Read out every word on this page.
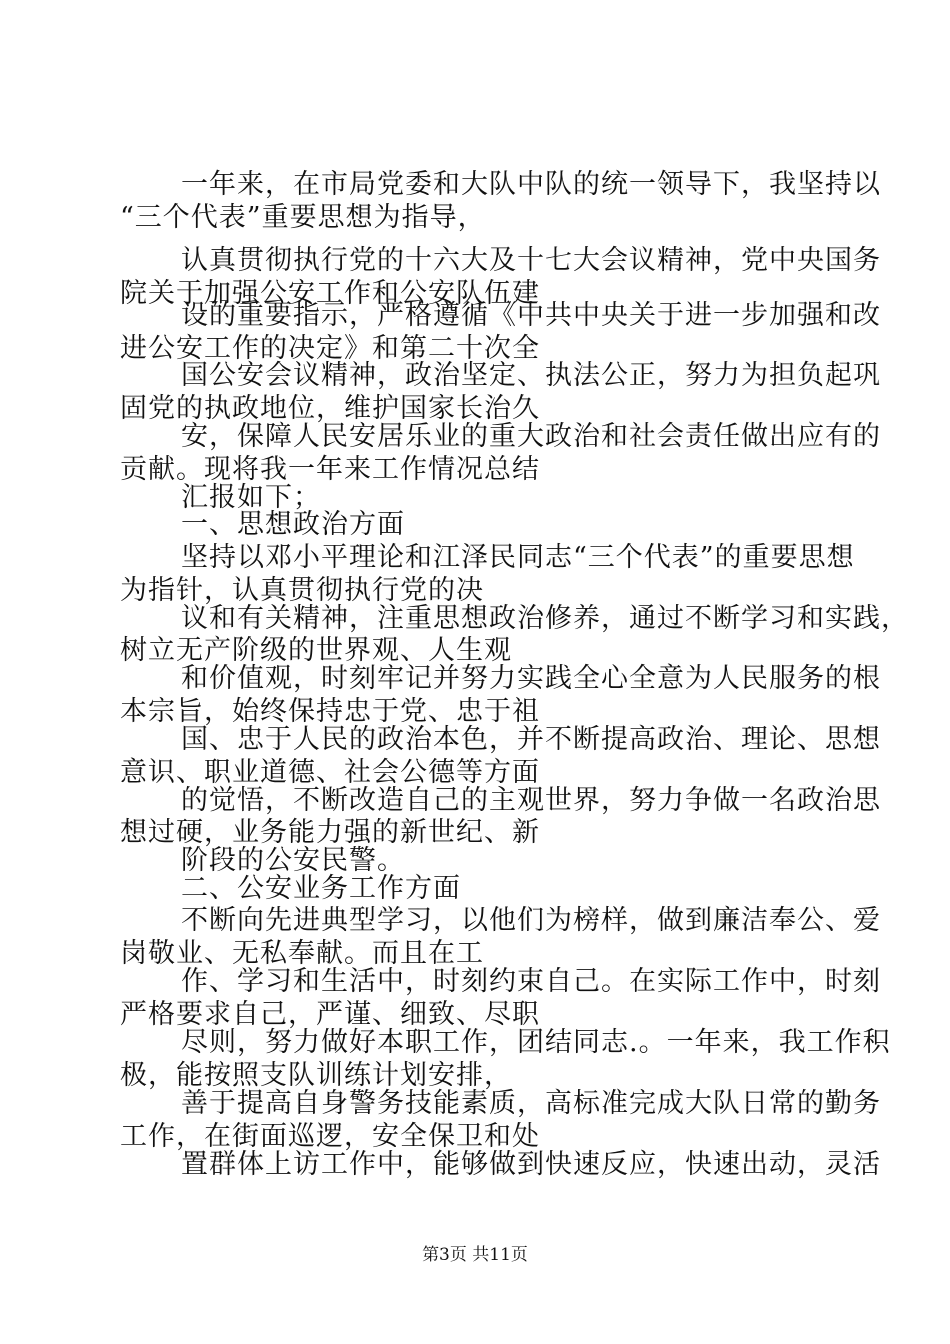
一年来，在市局党委和大队中队的统一领导下，我坚持以
“三个代表”重要思想为指导，
认真贯彻执行党的十六大及十七大会议精神，党中央国务
院关于加强公安工作和公安队伍建
设的重要指示，严格遵循《中共中央关于进一步加强和改
进公安工作的决定》和第二十次全
国公安会议精神，政治坚定、执法公正，努力为担负起巩
固党的执政地位，维护国家长治久
安，保障人民安居乐业的重大政治和社会责任做出应有的
贡献。现将我一年来工作情况总结
汇报如下；
一、思想政治方面
坚持以邓小平理论和江泽民同志“三个代表”的重要思想
为指针，认真贯彻执行党的决
议和有关精神，注重思想政治修养，通过不断学习和实践，
树立无产阶级的世界观、人生观
和价值观，时刻牢记并努力实践全心全意为人民服务的根
本宗旨，始终保持忠于党、忠于祖
国、忠于人民的政治本色，并不断提高政治、理论、思想
意识、职业道德、社会公德等方面
的觉悟，不断改造自己的主观世界，努力争做一名政治思
想过硬，业务能力强的新世纪、新
阶段的公安民警。
二、公安业务工作方面
不断向先进典型学习，以他们为榜样，做到廉洁奉公、爱
岗敬业、无私奉献。而且在工
作、学习和生活中，时刻约束自己。在实际工作中，时刻
严格要求自己，严谨、细致、尽职
尽则，努力做好本职工作，团结同志.。一年来，我工作积
极，能按照支队训练计划安排，
善于提高自身警务技能素质，高标准完成大队日常的勤务
工作，在街面巡逻，安全保卫和处
置群体上访工作中，能够做到快速反应，快速出动，灵活
第3页 共11页
